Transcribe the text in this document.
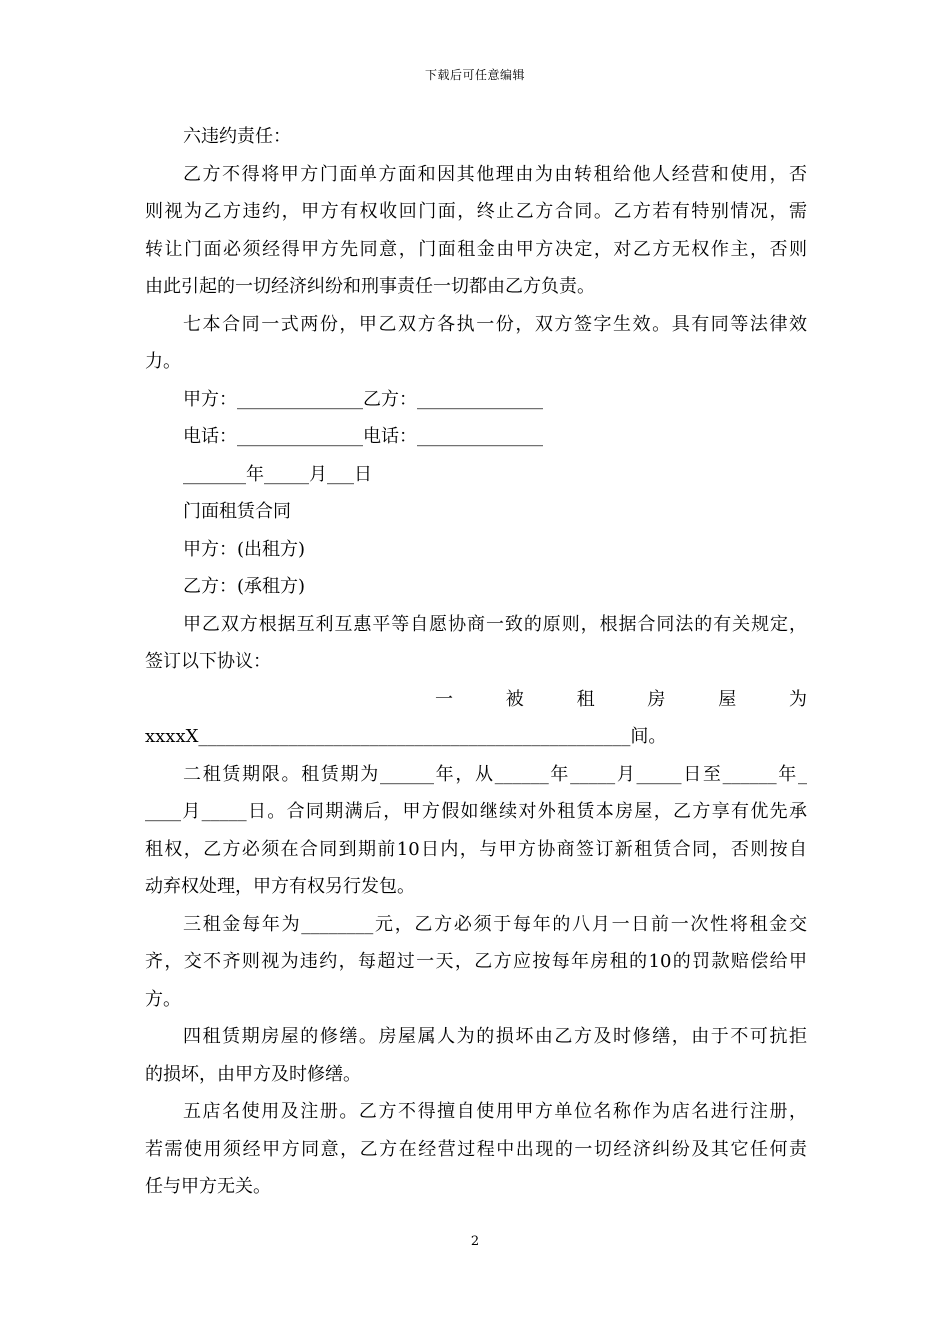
下载后可任意编辑
六违约责任：
乙方不得将甲方门面单方面和因其他理由为由转租给他人经营和使用，否
则视为乙方违约，甲方有权收回门面，终止乙方合同。乙方若有特别情况，需
转让门面必须经得甲方先同意，门面租金由甲方决定，对乙方无权作主，否则
由此引起的一切经济纠纷和刑事责任一切都由乙方负责。
七本合同一式两份，甲乙双方各执一份，双方签字生效。具有同等法律效
力。
甲方：______________乙方：______________
电话：______________电话：______________
_______年_____月___日
门面租赁合同
甲方：(出租方)
乙方：(承租方)
甲乙双方根据互利互惠平等自愿协商一致的原则，根据合同法的有关规定，
签订以下协议：
一	被	租	房	屋	为
xxxxX________________________________________________间。
二租赁期限。租赁期为______年，从______年_____月_____日至______年_
____月_____日。合同期满后，甲方假如继续对外租赁本房屋，乙方享有优先承
租权，乙方必须在合同到期前10日内，与甲方协商签订新租赁合同，否则按自
动弃权处理，甲方有权另行发包。
三租金每年为________元，乙方必须于每年的八月一日前一次性将租金交
齐，交不齐则视为违约，每超过一天，乙方应按每年房租的10的罚款赔偿给甲
方。
四租赁期房屋的修缮。房屋属人为的损坏由乙方及时修缮，由于不可抗拒
的损坏，由甲方及时修缮。
五店名使用及注册。乙方不得擅自使用甲方单位名称作为店名进行注册，
若需使用须经甲方同意，乙方在经营过程中出现的一切经济纠纷及其它任何责
任与甲方无关。
2
